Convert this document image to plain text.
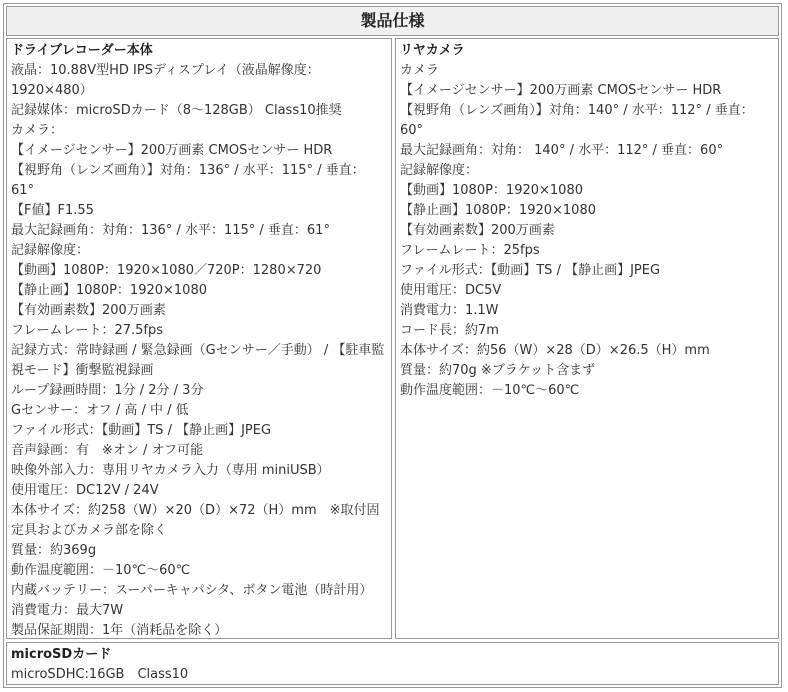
製品仕様
ドライブレコーダー本体
液晶：10.88V型HD IPSディスプレイ（液晶解像度：
1920×480）
記録媒体：microSDカード（8～128GB） Class10推奨
カメラ：
【イメージセンサー】200万画素 CMOSセンサー HDR
【視野角（レンズ画角）】対角：136° / 水平：115° / 垂直：
61°
【F値】F1.55
最大記録画角：対角：136° / 水平：115° / 垂直：61°
記録解像度：
【動画】1080P：1920×1080／720P：1280×720
【静止画】1080P：1920×1080
【有効画素数】200万画素
フレームレート：27.5fps
記録方式：常時録画 / 緊急録画（Gセンサー／手動） / 【駐車監
視モード】衝撃監視録画
ループ録画時間：1分 / 2分 / 3分
Gセンサー：オフ / 高 / 中 / 低
ファイル形式：【動画】TS / 【静止画】JPEG
音声録画：有　※オン / オフ可能
映像外部入力：専用リヤカメラ入力（専用 miniUSB）
使用電圧：DC12V / 24V
本体サイズ：約258（W）×20（D）×72（H）mm　※取付固
定具およびカメラ部を除く
質量：約369g
動作温度範囲：－10℃～60℃
内蔵バッテリー：スーパーキャパシタ、ボタン電池（時計用）
消費電力：最大7W
製品保証期間：1年（消耗品を除く）
リヤカメラ
カメラ
【イメージセンサー】200万画素 CMOSセンサー HDR
【視野角（レンズ画角）】対角：140° / 水平：112° / 垂直：
60°
最大記録画角：対角： 140° / 水平：112° / 垂直：60°
記録解像度：
【動画】1080P：1920×1080
【静止画】1080P：1920×1080
【有効画素数】200万画素
フレームレート：25fps
ファイル形式：【動画】TS / 【静止画】JPEG
使用電圧：DC5V
消費電力：1.1W
コード長：約7m
本体サイズ：約56（W）×28（D）×26.5（H）mm
質量：約70g ※ブラケット含まず
動作温度範囲：－10℃～60℃
microSDカード
microSDHC:16GB　Class10
